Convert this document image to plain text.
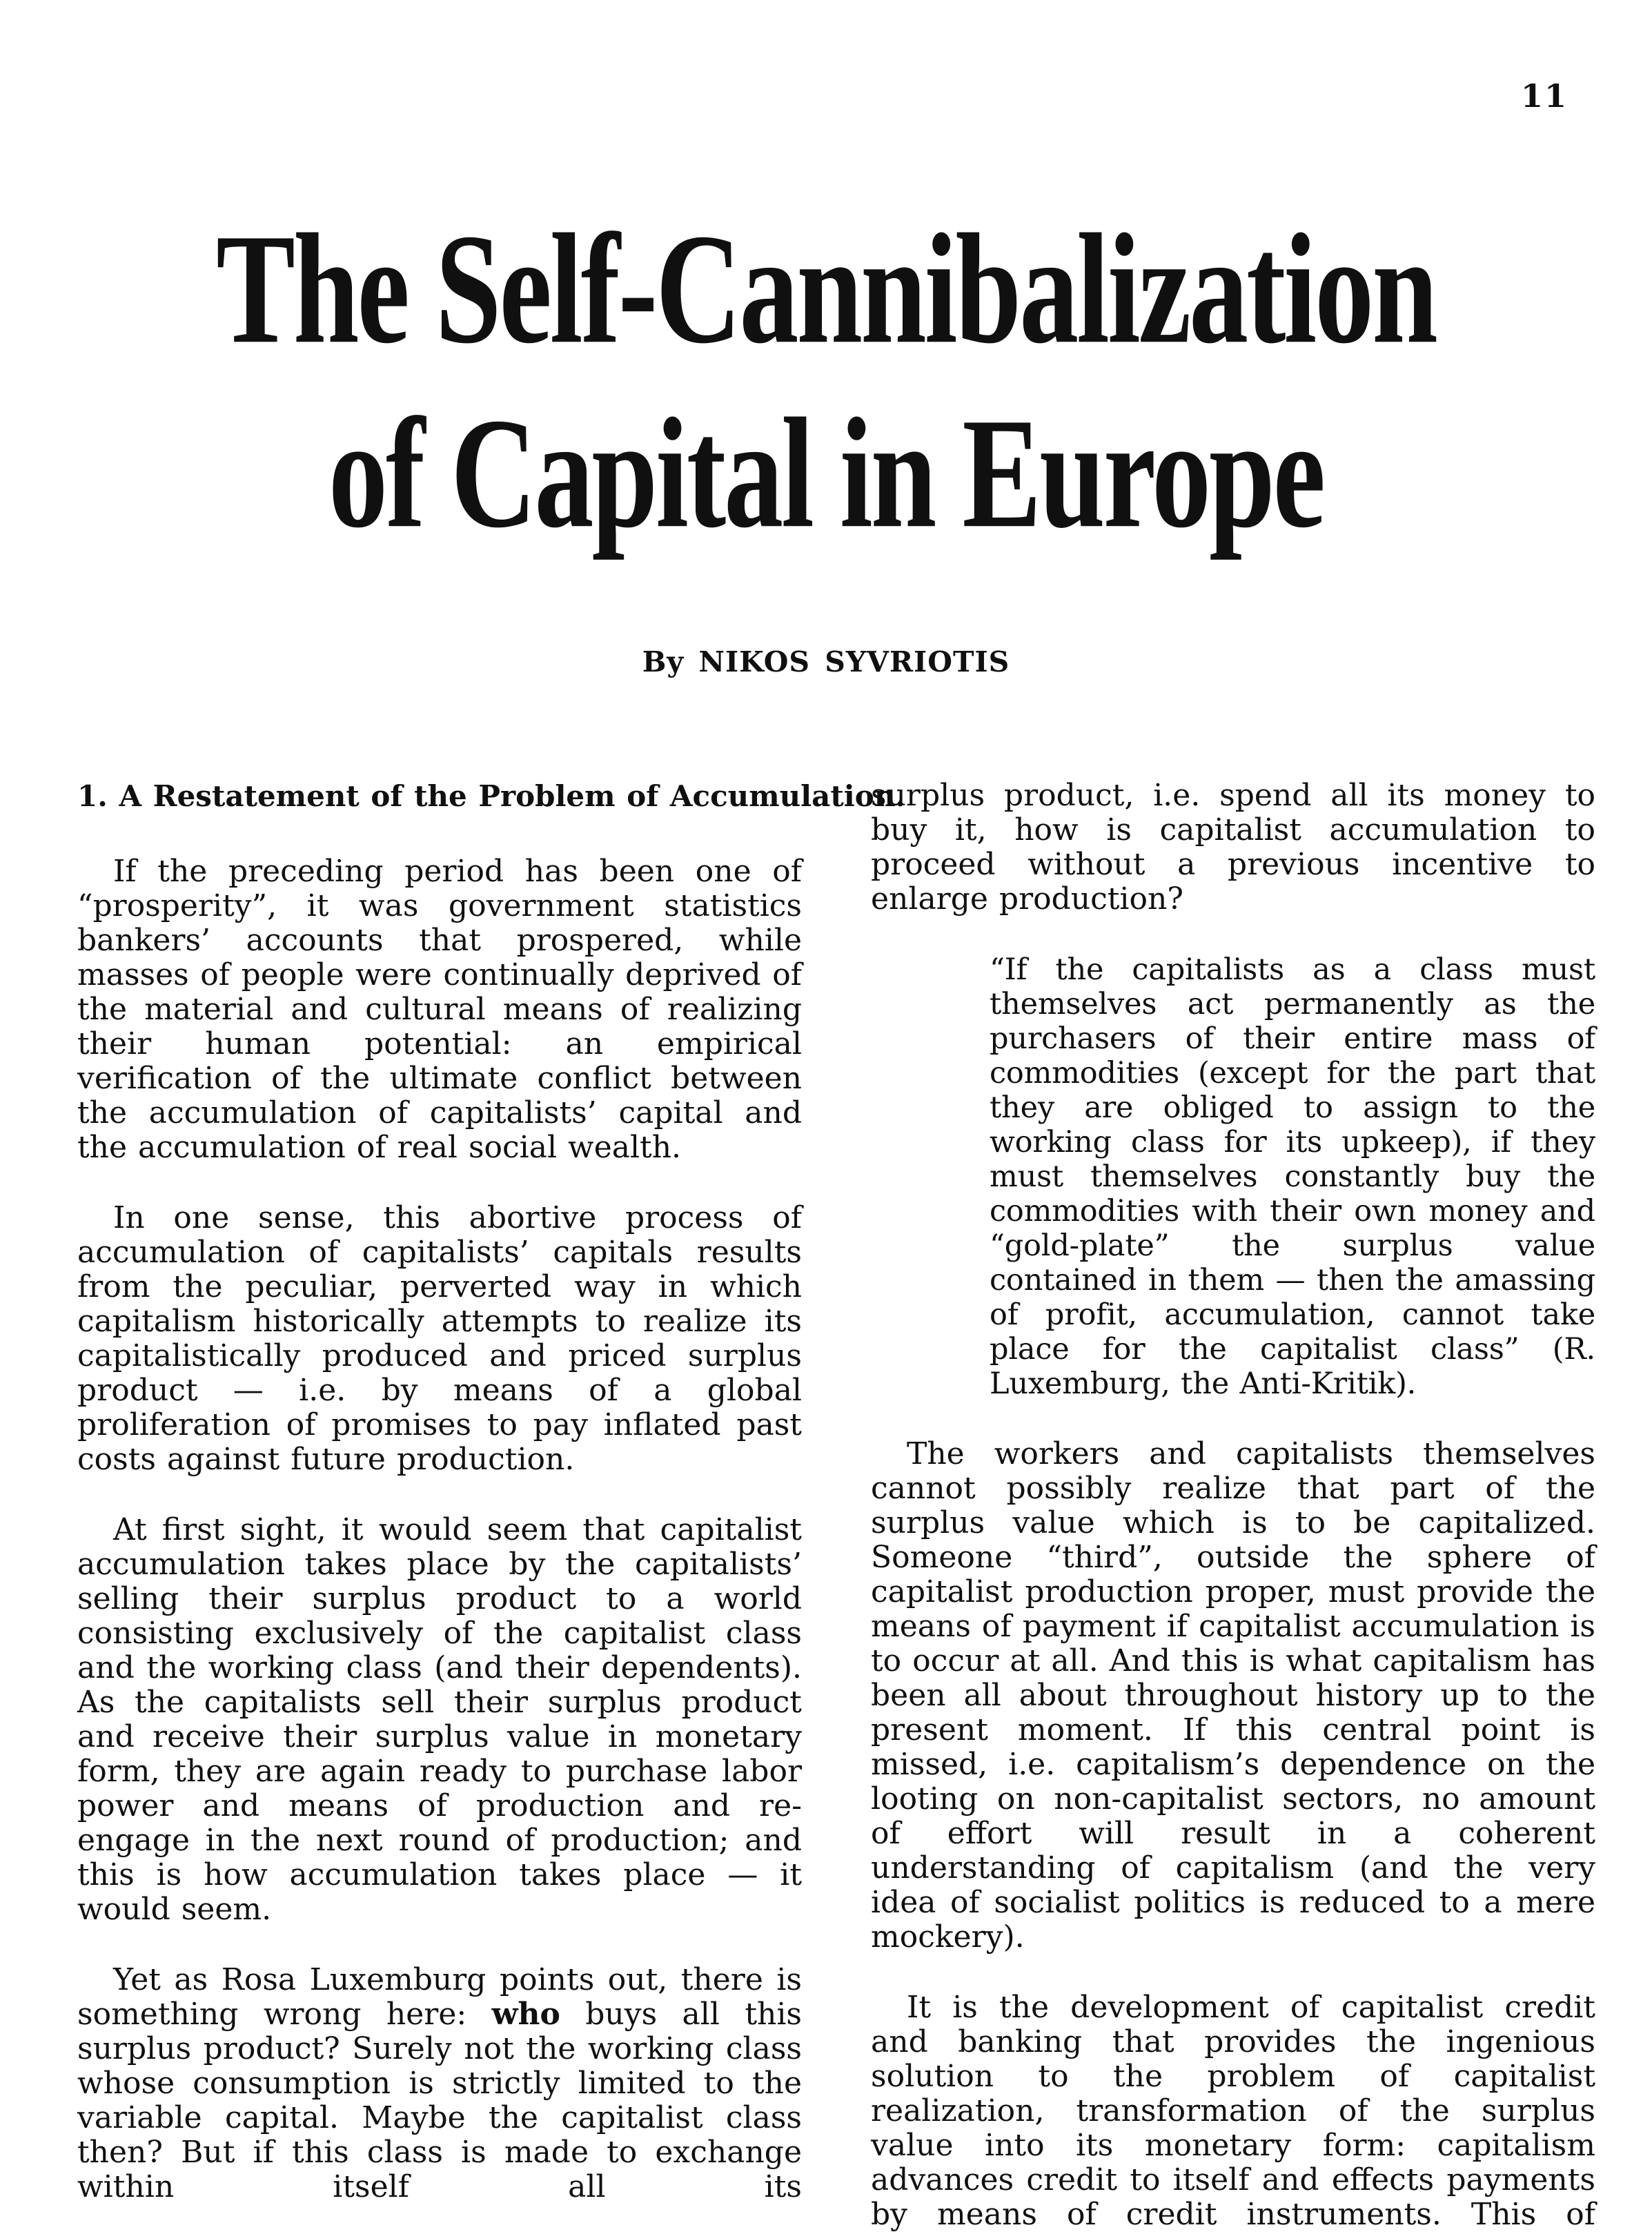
11
The Self-Cannibalization
of Capital in Europe
By NIKOS SYVRIOTIS
1. A Restatement of the Problem of Accumulation.

If the preceding period has been one of “prosperity”, it was government statistics bankers’ accounts that prospered, while masses of people were continually deprived of the material and cultural means of realizing their human potential: an empirical verification of the ultimate conflict between the accumulation of capitalists’ capital and the accumulation of real social wealth.

In one sense, this abortive process of accumulation of capitalists’ capitals results from the peculiar, perverted way in which capitalism historically attempts to realize its capitalistically produced and priced surplus product — i.e. by means of a global proliferation of promises to pay inflated past costs against future production.

At first sight, it would seem that capitalist accumulation takes place by the capitalists’ selling their surplus product to a world consisting exclusively of the capitalist class and the working class (and their dependents). As the capitalists sell their surplus product and receive their surplus value in monetary form, they are again ready to purchase labor power and means of production and re-engage in the next round of production; and this is how accumulation takes place — it would seem.

Yet as Rosa Luxemburg points out, there is something wrong here: who buys all this surplus product? Surely not the working class whose consumption is strictly limited to the variable capital. Maybe the capitalist class then? But if this class is made to exchange within itself all its

surplus product, i.e. spend all its money to buy it, how is capitalist accumulation to proceed without a previous incentive to enlarge production?

“If the capitalists as a class must themselves act permanently as the purchasers of their entire mass of commodities (except for the part that they are obliged to assign to the working class for its upkeep), if they must themselves constantly buy the commodities with their own money and “gold-plate” the surplus value contained in them — then the amassing of profit, accumulation, cannot take place for the capitalist class” (R. Luxemburg, the Anti-Kritik).

The workers and capitalists themselves cannot possibly realize that part of the surplus value which is to be capitalized. Someone “third”, outside the sphere of capitalist production proper, must provide the means of payment if capitalist accumulation is to occur at all. And this is what capitalism has been all about throughout history up to the present moment. If this central point is missed, i.e. capitalism’s dependence on the looting on non-capitalist sectors, no amount of effort will result in a coherent understanding of capitalism (and the very idea of socialist politics is reduced to a mere mockery).

It is the development of capitalist credit and banking that provides the ingenious solution to the problem of capitalist realization, transformation of the surplus value into its monetary form: capitalism advances credit to itself and effects payments by means of credit instruments. This of
